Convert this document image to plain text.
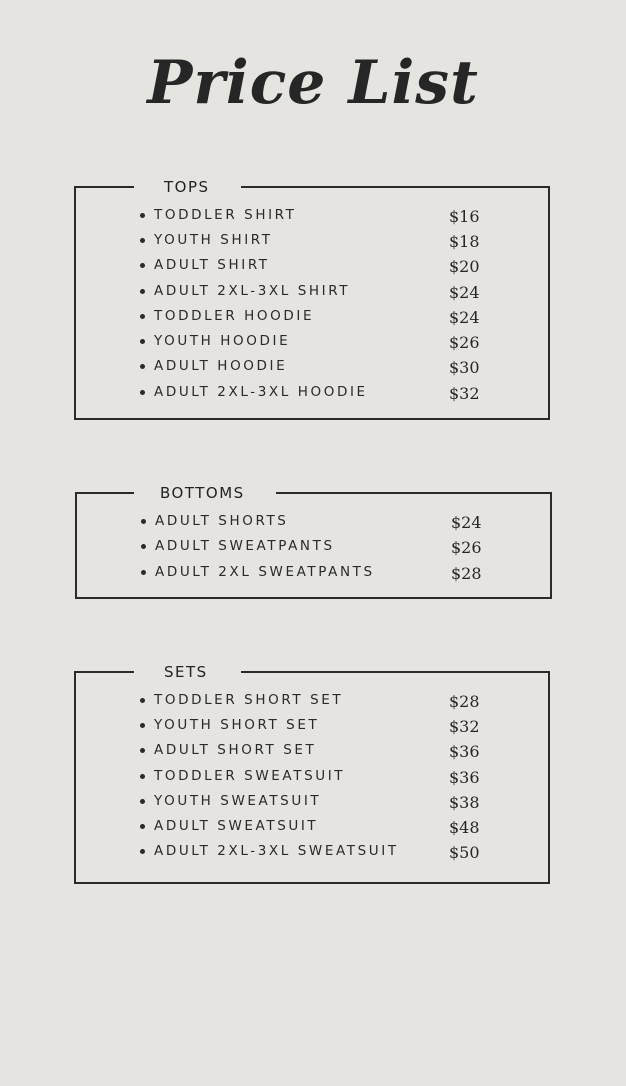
Price List
TOPS
TODDLER SHIRT	$16
YOUTH SHIRT	$18
ADULT SHIRT	$20
ADULT 2XL-3XL SHIRT	$24
TODDLER HOODIE	$24
YOUTH HOODIE	$26
ADULT HOODIE	$30
ADULT 2XL-3XL HOODIE	$32
BOTTOMS
ADULT SHORTS	$24
ADULT SWEATPANTS	$26
ADULT 2XL SWEATPANTS	$28
SETS
TODDLER SHORT SET	$28
YOUTH SHORT SET	$32
ADULT SHORT SET	$36
TODDLER SWEATSUIT	$36
YOUTH SWEATSUIT	$38
ADULT SWEATSUIT	$48
ADULT 2XL-3XL SWEATSUIT	$50
